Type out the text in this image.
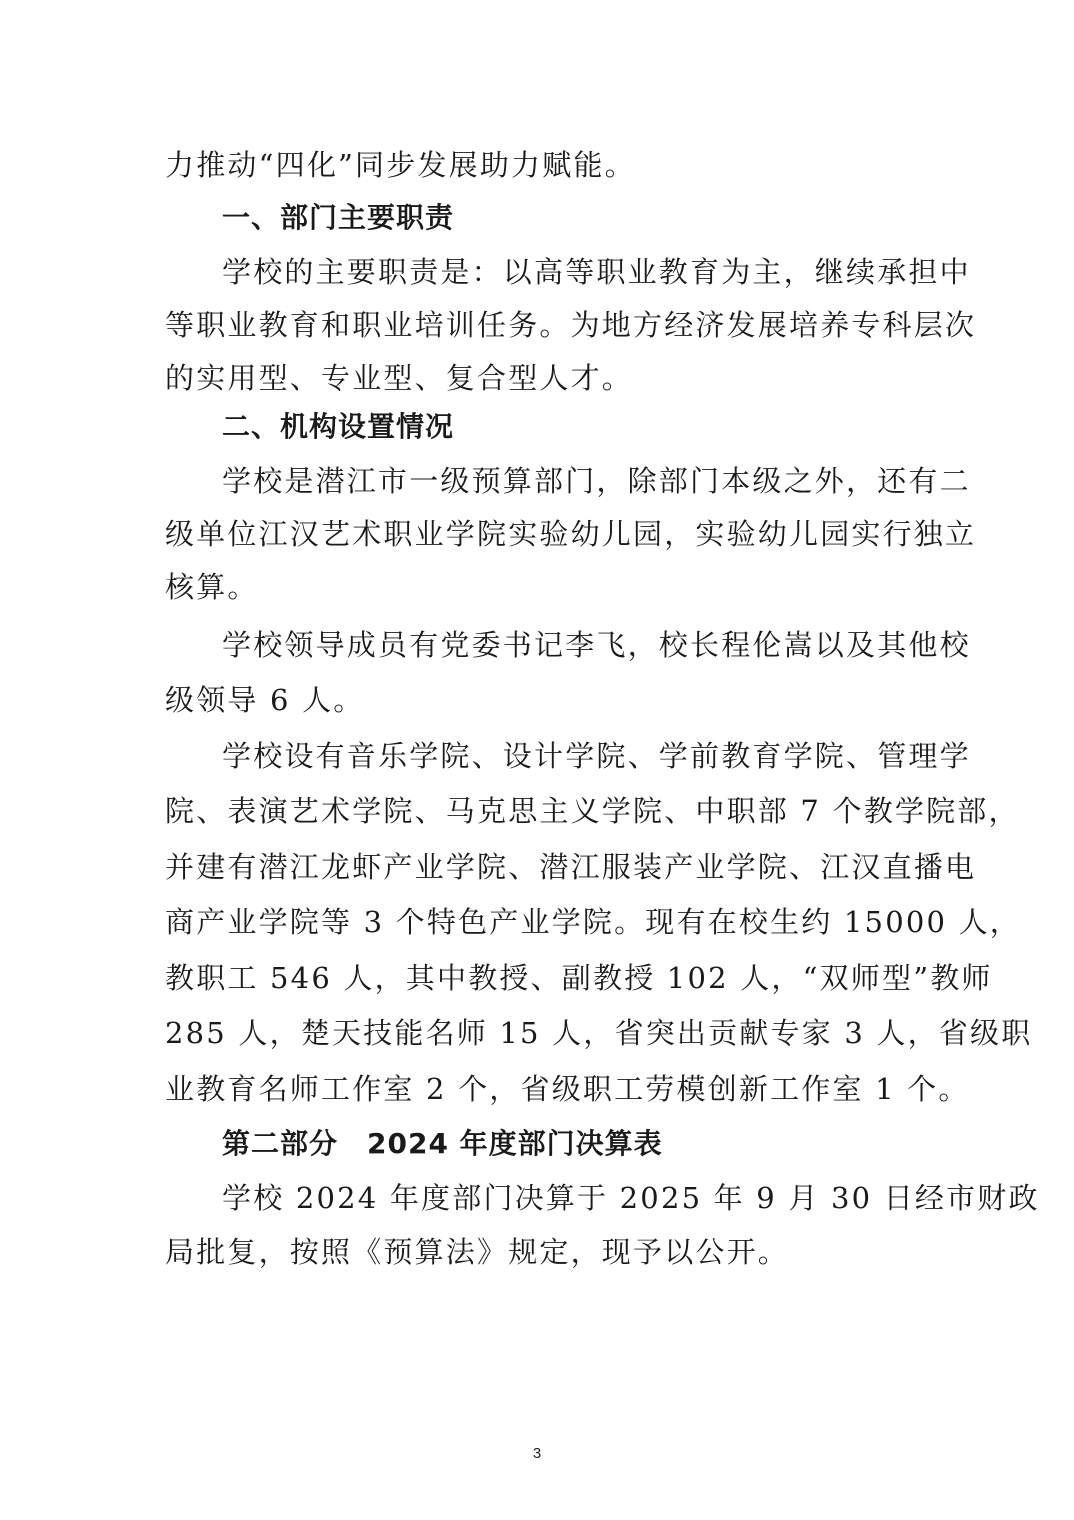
力推动“四化”同步发展助力赋能。
一、部门主要职责
学校的主要职责是：以高等职业教育为主，继续承担中
等职业教育和职业培训任务。为地方经济发展培养专科层次
的实用型、专业型、复合型人才。
二、机构设置情况
学校是潜江市一级预算部门，除部门本级之外，还有二
级单位江汉艺术职业学院实验幼儿园，实验幼儿园实行独立
核算。
学校领导成员有党委书记李飞，校长程伦嵩以及其他校
级领导 6 人。
学校设有音乐学院、设计学院、学前教育学院、管理学
院、表演艺术学院、马克思主义学院、中职部 7 个教学院部，
并建有潜江龙虾产业学院、潜江服装产业学院、江汉直播电
商产业学院等 3 个特色产业学院。现有在校生约 15000 人，
教职工 546 人，其中教授、副教授 102 人，“双师型”教师
285 人，楚天技能名师 15 人，省突出贡献专家 3 人，省级职
业教育名师工作室 2 个，省级职工劳模创新工作室 1 个。
第二部分　2024 年度部门决算表
学校 2024 年度部门决算于 2025 年 9 月 30 日经市财政
局批复，按照《预算法》规定，现予以公开。
3
